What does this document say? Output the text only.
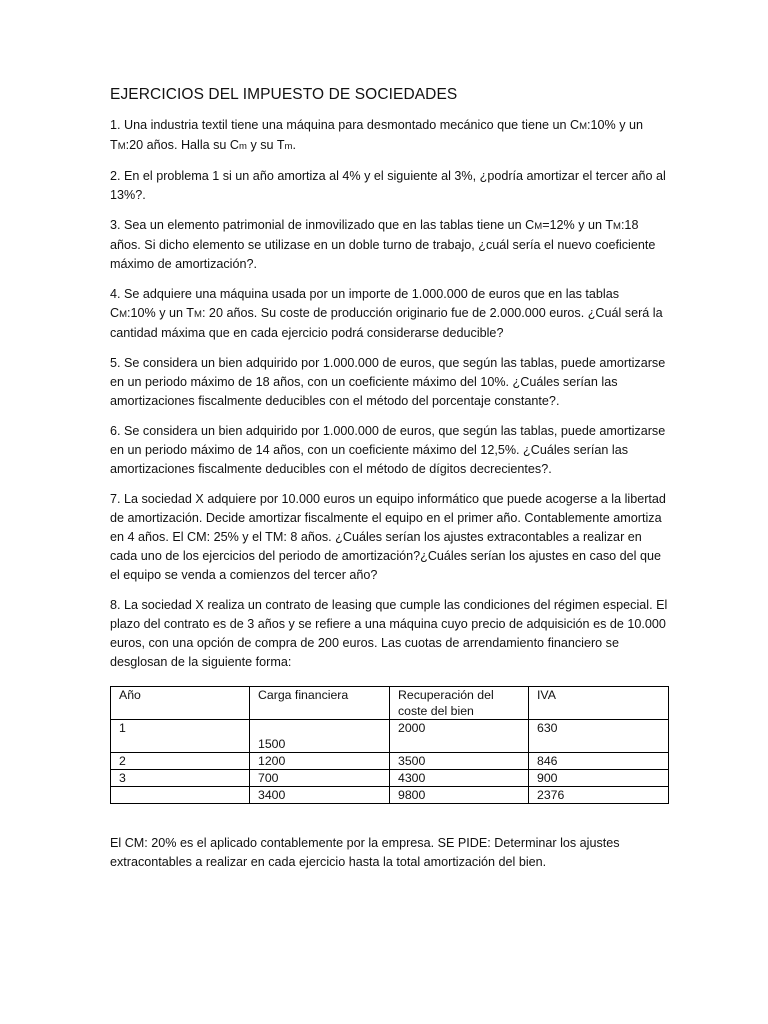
EJERCICIOS DEL IMPUESTO DE SOCIEDADES

1. Una industria textil tiene una máquina para desmontado mecánico que tiene un CM:10% y un TM:20 años. Halla su Cm y su Tm.

2. En el problema 1 si un año amortiza al 4% y el siguiente al 3%, ¿podría amortizar el tercer año al 13%?.

3. Sea un elemento patrimonial de inmovilizado que en las tablas tiene un CM=12% y un TM:18 años. Si dicho elemento se utilizase en un doble turno de trabajo, ¿cuál sería el nuevo coeficiente máximo de amortización?.

4. Se adquiere una máquina usada por un importe de 1.000.000 de euros que en las tablas CM:10% y un TM: 20 años. Su coste de producción originario fue de 2.000.000 euros. ¿Cuál será la cantidad máxima que en cada ejercicio podrá considerarse deducible?

5. Se considera un bien adquirido por 1.000.000 de euros, que según las tablas, puede amortizarse en un periodo máximo de 18 años, con un coeficiente máximo del 10%. ¿Cuáles serían las amortizaciones fiscalmente deducibles con el método del porcentaje constante?.

6. Se considera un bien adquirido por 1.000.000 de euros, que según las tablas, puede amortizarse en un periodo máximo de 14 años, con un coeficiente máximo del 12,5%. ¿Cuáles serían las amortizaciones fiscalmente deducibles con el método de dígitos decrecientes?.

7. La sociedad X adquiere por 10.000 euros un equipo informático que puede acogerse a la libertad de amortización. Decide amortizar fiscalmente el equipo en el primer año. Contablemente amortiza en 4 años. El CM: 25% y el TM: 8 años. ¿Cuáles serían los ajustes extracontables a realizar en cada uno de los ejercicios del periodo de amortización?¿Cuáles serían los ajustes en caso del que el equipo se venda a comienzos del tercer año?

8. La sociedad X realiza un contrato de leasing que cumple las condiciones del régimen especial. El plazo del contrato es de 3 años y se refiere a una máquina cuyo precio de adquisición es de 10.000 euros, con una opción de compra de 200 euros. Las cuotas de arrendamiento financiero se desglosan de la siguiente forma:

Año	Carga financiera	Recuperación del coste del bien	IVA
1	1500	2000	630
2	1200	3500	846
3	700	4300	900
	3400	9800	2376

El CM: 20% es el aplicado contablemente por la empresa. SE PIDE: Determinar los ajustes extracontables a realizar en cada ejercicio hasta la total amortización del bien.
